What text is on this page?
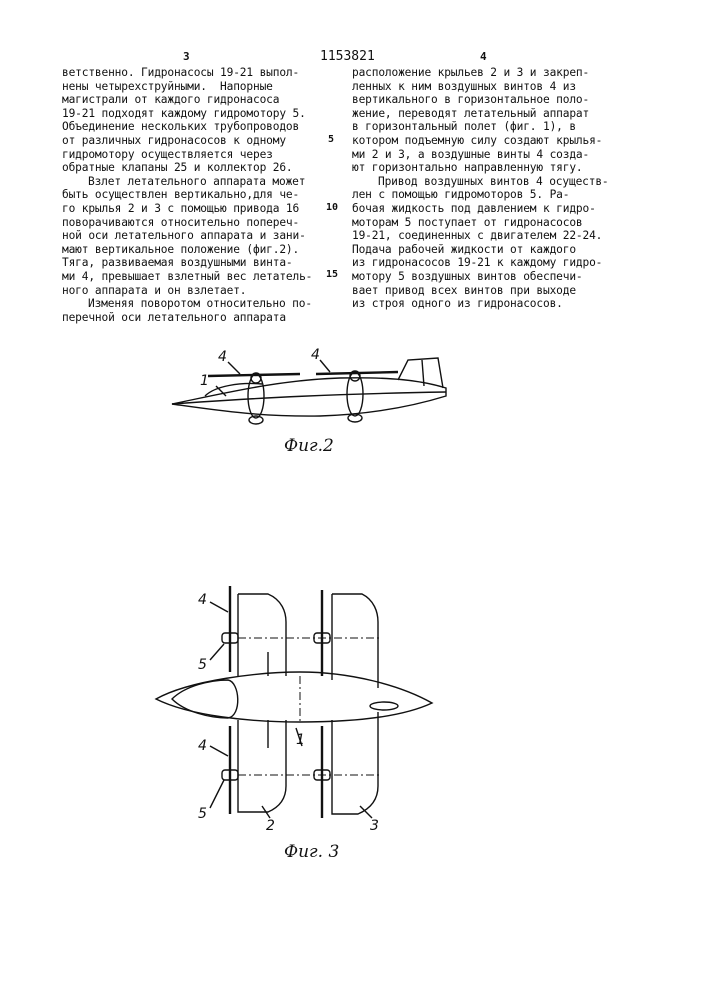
3	1153821	4
ветственно. Гидронасосы 19-21 выпол-
нены четырехструйными.  Напорные
магистрали от каждого гидронасоса
19-21 подходят каждому гидромотору 5.
Объединение нескольких трубопроводов
от различных гидронасосов к одному
гидромотору осуществляется через
обратные клапаны 25 и коллектор 26.
Взлет летательного аппарата может
быть осуществлен вертикально,для че-
го крылья 2 и 3 с помощью привода 16
поворачиваются относительно попереч-
ной оси летательного аппарата и зани-
мают вертикальное положение (фиг.2).
Тяга, развиваемая воздушными винта-
ми 4, превышает взлетный вес летатель-
ного аппарата и он взлетает.
Изменяя поворотом относительно по-
перечной оси летательного аппарата
5
10
15
расположение крыльев 2 и 3 и закреп-
ленных к ним воздушных винтов 4 из
вертикального в горизонтальное поло-
жение, переводят летательный аппарат
в горизонтальный полет (фиг. 1), в
котором подъемную силу создают крылья-
ми 2 и 3, а воздушные винты 4 созда-
ют горизонтально направленную тягу.
Привод воздушных винтов 4 осуществ-
лен с помощью гидромоторов 5. Ра-
бочая жидкость под давлением к гидро-
моторам 5 поступает от гидронасосов
19-21, соединенных с двигателем 22-24.
Подача рабочей жидкости от каждого
из гидронасосов 19-21 к каждому гидро-
мотору 5 воздушных винтов обеспечи-
вает привод всех винтов при выходе
из строя одного из гидронасосов.
1
4	4
Фиг.2
4
5
1
4
5
2	3
Фиг. 3
